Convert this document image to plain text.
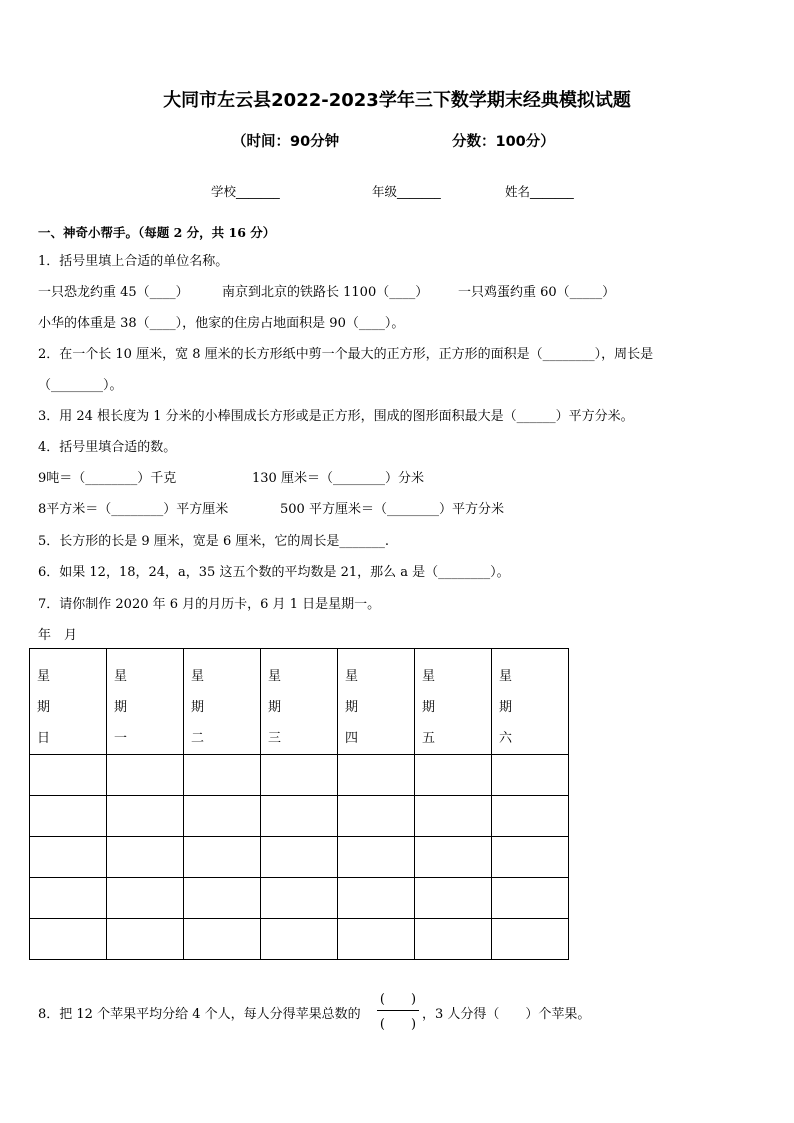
大同市左云县2022-2023学年三下数学期末经典模拟试题
（时间：90分钟	分数：100分）
学校_______	年级_______	姓名_______
一、神奇小帮手。（每题 2 分，共 16 分）
1．括号里填上合适的单位名称。
一只恐龙约重 45（____）	南京到北京的铁路长 1100（____） 一只鸡蛋约重 60（_____）
小华的体重是 38（____），他家的住房占地面积是 90（____）。
2．在一个长 10 厘米，宽 8 厘米的长方形纸中剪一个最大的正方形，正方形的面积是（________），周长是
（________）。
3．用 24 根长度为 1 分米的小棒围成长方形或是正方形，围成的图形面积最大是（______）平方分米。
4．括号里填合适的数。
9吨＝（________）千克	130 厘米＝（________）分米
8平方米＝（________）平方厘米	500 平方厘米＝（________）平方分米
5．长方形的长是 9 厘米，宽是 6 厘米，它的周长是_______.
6．如果 12，18，24，a，35 这五个数的平均数是 21，那么 a 是（________）。
7．请你制作 2020 年 6 月的月历卡，6 月 1 日是星期一。
年　月
星期日	星期一	星期二	星期三	星期四	星期五	星期六

8．把 12 个苹果平均分给 4 个人，每人分得苹果总数的
(　　)
(　　)
，3 人分得（　　）个苹果。
